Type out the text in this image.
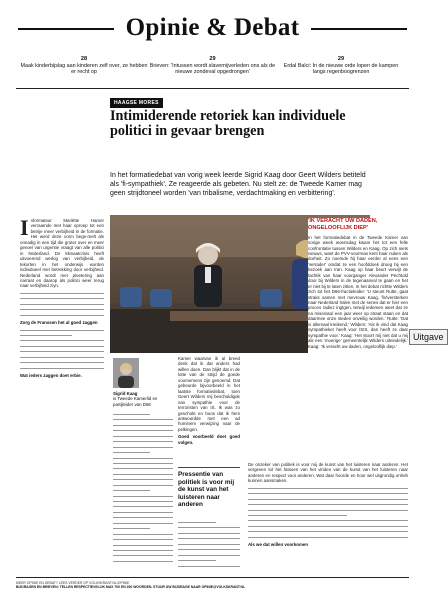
Opinie & Debat
28
Maak kinderbijslag aan kinderen zelf over, ze hebben er recht op
29
Brieven: 'Intussen wordt slavernijverleden ons als de nieuwe zondeval opgedrongen'
29
Erdal Balci: In de nieuwe orde lopen de kampen langs regenboogrenzen
HAAGSE MORES
Intimiderende retoriek kan individuele politici in gevaar brengen
In het formatiedebat van vorig week leerde Sigrid Kaag door Geert Wilders betiteld als 'fi-sympathiek'. Ze reageerde als gebeten. Nu stelt ze: de Tweede Kamer mag geen strijdtoneel worden 'van tribalisme, verdachtmaking en verbittering'.
'IK VERACHT UW DADEN, ONGELOOFLIJK DIEP'
In het formatiedebat in de Tweede Kamer van vorige week woensdag kwam het tot een felle confrontatie tussen Wilders en Kaag. Op zich niets nieuws, want de PVV-voorman kent haar nuken als dorheit. Zo noemde hij haar eerder al eens een 'verrader' omdat ze een hoofddoek droeg bij een bezoek aan Iran. Kaag op haar beurt verwijt de tachtik van haar voorganger Alexander Pechtold door bij Wilders in de tegenaanval te gaan en het er niet bij te laten zitten. In het debat richtte Wilders zich tot het D66-fractieleider: 'U steunt Rutte, gaat straks samen met mevrouw Kaag, fiViversterken naar Nederland halen met de senes dat er hier een proces radiez ingtgen, terwijl iedereen weet dat ze na miserasul een jaar weer op straat staan en dat daarmee onze steden onveilig worden.' Rutte: 'Dat is allemaal kreikend.' Wilders: 'Als ik vind dat Kaag sympathieker heeft voor ISIS, dan heeft ze daar sympathie voor.' Kaag: 'Het stoort mij niet dat u mij als een 'moerige' gemeentelijk Wilders uiteindelijk.' Kaag: 'Ik veracht uw daden, ongelooflijk diep.'
I nformateur Mariëtte Hamer verraamde met haar oproep tot een betrije meer verbijheid in de formatie. Het werd deze vorm bege-melt als onnadig in een tijd die groter over en meer gevoel van urgentie vraagt van alle politici in Nederland. De klimaatcrisis heeft uitvoerend werkig van verbijheid, de tekorten in het onderwijs worden individueel met betrekking door verbijheid. Nederland wordt met ploetering aan narraat en daarop als politici weer terug naar verbijheid ziyn.

Zorg de Franssen het al goed zaggen

Wat ieders zaggen doet erbie.

Sigrid Kaag
is Tweede Kamerlid en partijleider van D66

Kamer waarvan ik al breed denk dat ik dat anders had willen doen. Dan blijkt dat in de lotte van de strijd de goede voornemens zijn genoemd. Dat gebeurde bijvoorbeeld in het laatste formatiedebat, toen Geert Wilders mij beschuldigde van sympathie voor de terroristen van IS. Ik was zo geschokt en boos dat ik hem antwoordde met een ad hominem verwijzing naar de pelkingen.

Goed voorbeeld doet goed volgen.

Pressentie van politiek is voor mij de kunst van het luisteren naar anderen

De onzeker van politiek is voor mij de kunst van het luisteren naar anderen. Het vergeven tot het fatsoen van het vinden van de kunst van het luisteren naar anderen en respect voor anderen. Wat daar hoorde en hoor wel uitgrondig onheb kunnen aansmaken.

Als we dat willen voorkomen

Uitgave
MEER OPINIE EN DEBAT? LEES VERDER OP VOLKSKRANT.NL/OPINIE
BIJDRAGEN EN BRIEVEN: TELLEN RESPECTIEVELIJK MAX 700 EN 200 WOORDEN. STUUR UW BIJDRAGE NAAR OPINIE@VOLKSKRANT.NL
